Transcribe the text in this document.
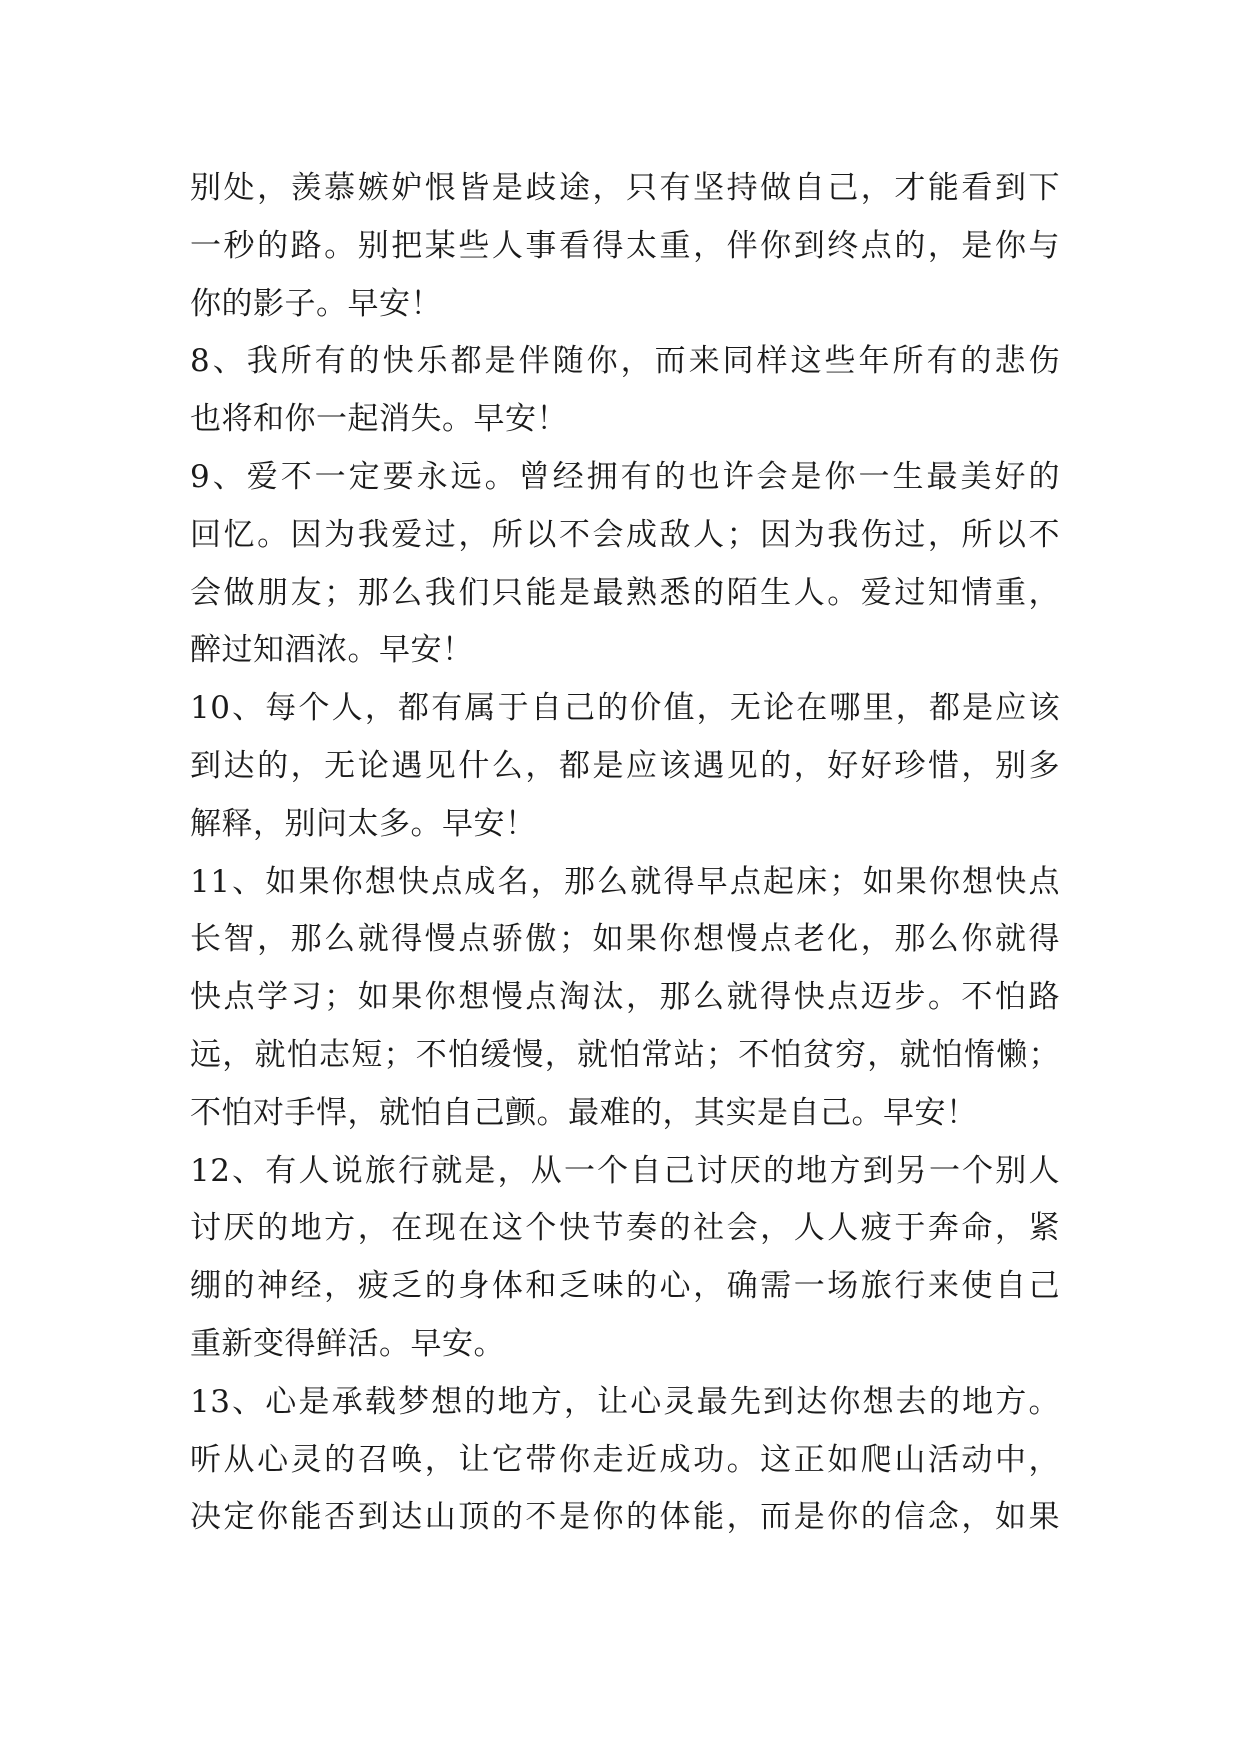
别处，羡慕嫉妒恨皆是歧途，只有坚持做自己，才能看到下
一秒的路。别把某些人事看得太重，伴你到终点的，是你与
你的影子。早安！
8、我所有的快乐都是伴随你，而来同样这些年所有的悲伤
也将和你一起消失。早安！
9、爱不一定要永远。曾经拥有的也许会是你一生最美好的
回忆。因为我爱过，所以不会成敌人；因为我伤过，所以不
会做朋友；那么我们只能是最熟悉的陌生人。爱过知情重，
醉过知酒浓。早安！
10、每个人，都有属于自己的价值，无论在哪里，都是应该
到达的，无论遇见什么，都是应该遇见的，好好珍惜，别多
解释，别问太多。早安！
11、如果你想快点成名，那么就得早点起床；如果你想快点
长智，那么就得慢点骄傲；如果你想慢点老化，那么你就得
快点学习；如果你想慢点淘汰，那么就得快点迈步。不怕路
远，就怕志短；不怕缓慢，就怕常站；不怕贫穷，就怕惰懒；
不怕对手悍，就怕自己颤。最难的，其实是自己。早安！
12、有人说旅行就是，从一个自己讨厌的地方到另一个别人
讨厌的地方，在现在这个快节奏的社会，人人疲于奔命，紧
绷的神经，疲乏的身体和乏味的心，确需一场旅行来使自己
重新变得鲜活。早安。
13、心是承载梦想的地方，让心灵最先到达你想去的地方。
听从心灵的召唤，让它带你走近成功。这正如爬山活动中，
决定你能否到达山顶的不是你的体能，而是你的信念，如果
